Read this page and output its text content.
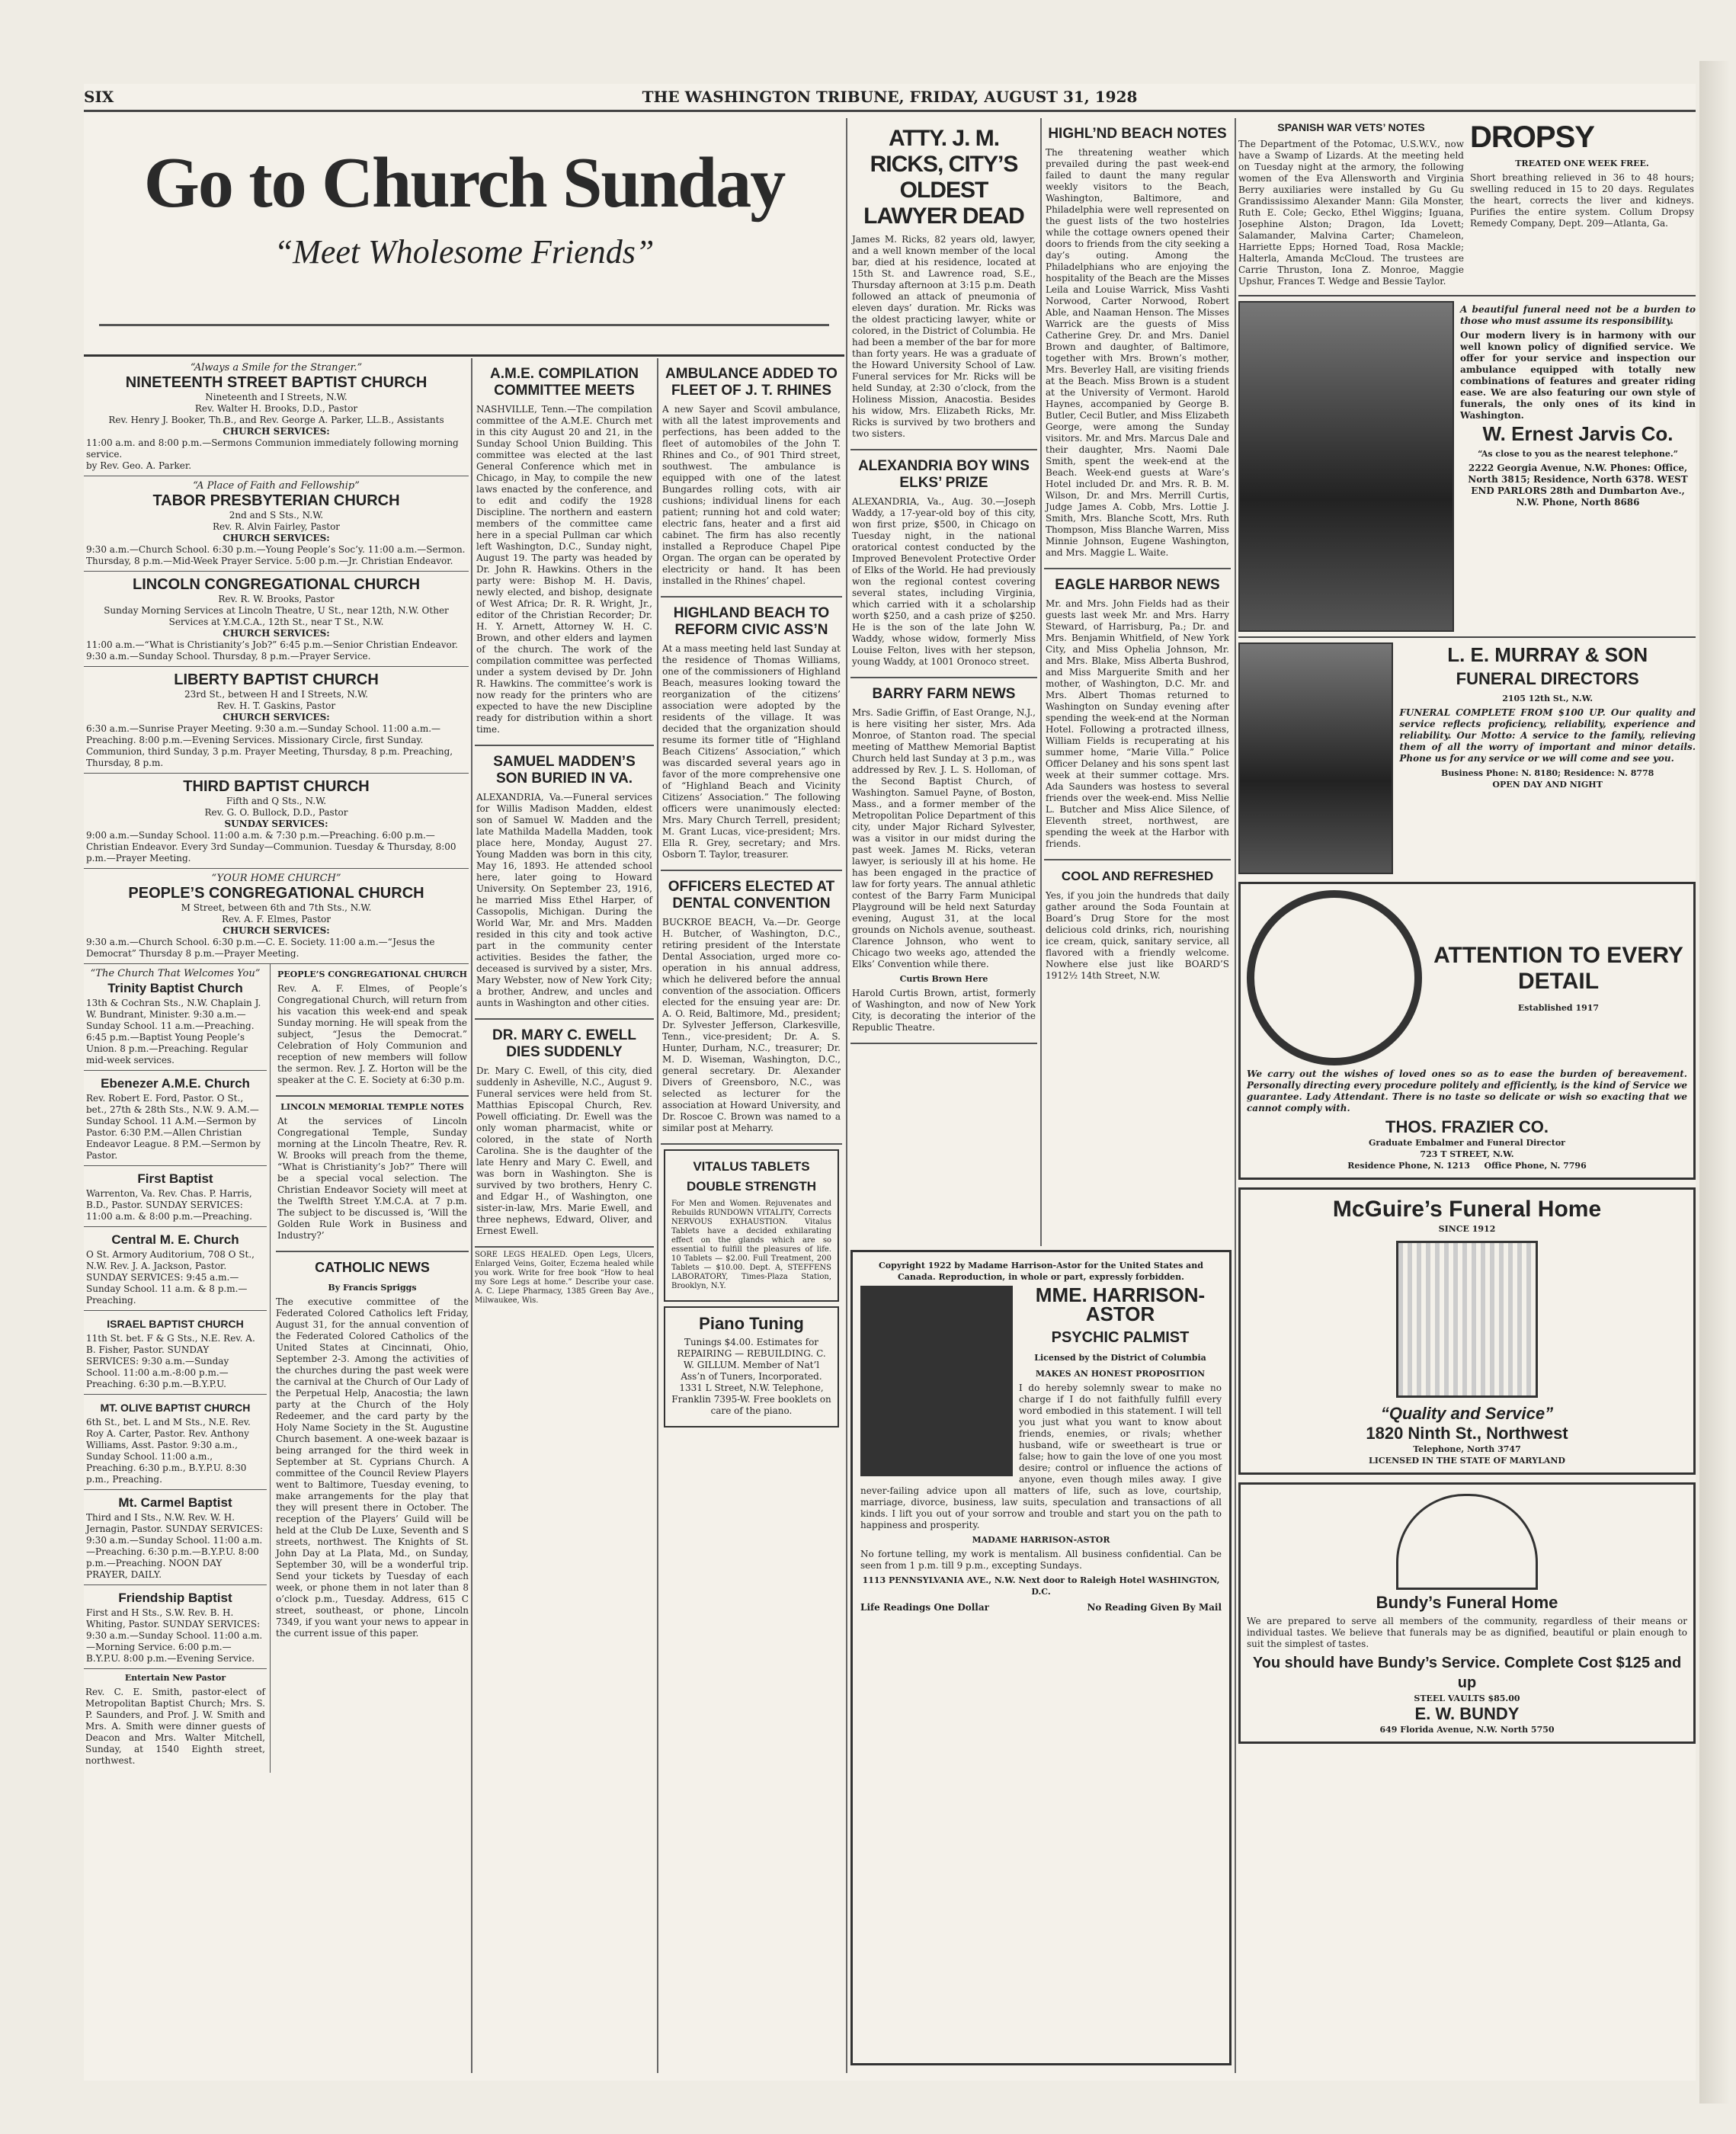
SIX	THE WASHINGTON TRIBUNE, FRIDAY, AUGUST 31, 1928
Go to Church Sunday
“Meet Wholesome Friends”
“Always a Smile for the Stranger.”
NINETEENTH STREET BAPTIST CHURCH
Nineteenth and I Streets, N.W.
Rev. Walter H. Brooks, D.D., Pastor
Rev. Henry J. Booker, Th.B., and Rev. George A. Parker, LL.B., Assistants
CHURCH SERVICES:
11:00 a.m. and 8:00 p.m.—Sermons Communion immediately following morning service.
by Rev. Geo. A. Parker.
“A Place of Faith and Fellowship”
TABOR PRESBYTERIAN CHURCH
2nd and S Sts., N.W.
Rev. R. Alvin Fairley, Pastor
CHURCH SERVICES:
9:30 a.m.—Church School. 6:30 p.m.—Young People’s Soc’y. 11:00 a.m.—Sermon. Thursday, 8 p.m.—Mid-Week Prayer Service. 5:00 p.m.—Jr. Christian Endeavor.
LINCOLN CONGREGATIONAL CHURCH
Rev. R. W. Brooks, Pastor
Sunday Morning Services at Lincoln Theatre, U St., near 12th, N.W. Other Services at Y.M.C.A., 12th St., near T St., N.W.
CHURCH SERVICES:
11:00 a.m.—“What is Christianity’s Job?” 6:45 p.m.—Senior Christian Endeavor. 9:30 a.m.—Sunday School. Thursday, 8 p.m.—Prayer Service.
LIBERTY BAPTIST CHURCH
23rd St., between H and I Streets, N.W.
Rev. H. T. Gaskins, Pastor
CHURCH SERVICES:
6:30 a.m.—Sunrise Prayer Meeting. 9:30 a.m.—Sunday School. 11:00 a.m.—Preaching. 8:00 p.m.—Evening Services. Missionary Circle, first Sunday. Communion, third Sunday, 3 p.m. Prayer Meeting, Thursday, 8 p.m. Preaching, Thursday, 8 p.m.
THIRD BAPTIST CHURCH
Fifth and Q Sts., N.W.
Rev. G. O. Bullock, D.D., Pastor
SUNDAY SERVICES:
9:00 a.m.—Sunday School. 11:00 a.m. & 7:30 p.m.—Preaching. 6:00 p.m.—Christian Endeavor. Every 3rd Sunday—Communion. Tuesday & Thursday, 8:00 p.m.—Prayer Meeting.
“YOUR HOME CHURCH”
PEOPLE’S CONGREGATIONAL CHURCH
M Street, between 6th and 7th Sts., N.W.
Rev. A. F. Elmes, Pastor
CHURCH SERVICES:
9:30 a.m.—Church School. 6:30 p.m.—C. E. Society. 11:00 a.m.—“Jesus the Democrat” Thursday 8 p.m.—Prayer Meeting.
“The Church That Welcomes You”
Trinity Baptist Church
13th & Cochran Sts., N.W. Chaplain J. W. Bundrant, Minister. 9:30 a.m.—Sunday School. 11 a.m.—Preaching. 6:45 p.m.—Baptist Young People’s Union. 8 p.m.—Preaching. Regular mid-week services.
Ebenezer A.M.E. Church
Rev. Robert E. Ford, Pastor. O St., bet., 27th & 28th Sts., N.W. 9. A.M.—Sunday School. 11 A.M.—Sermon by Pastor. 6:30 P.M.—Allen Christian Endeavor League. 8 P.M.—Sermon by Pastor.
First Baptist
Warrenton, Va. Rev. Chas. P. Harris, B.D., Pastor. SUNDAY SERVICES: 11:00 a.m. & 8:00 p.m.—Preaching.
Central M. E. Church
O St. Armory Auditorium, 708 O St., N.W. Rev. J. A. Jackson, Pastor. SUNDAY SERVICES: 9:45 a.m.—Sunday School. 11 a.m. & 8 p.m.—Preaching.
ISRAEL BAPTIST CHURCH
11th St. bet. F & G Sts., N.E. Rev. A. B. Fisher, Pastor. SUNDAY SERVICES: 9:30 a.m.—Sunday School. 11:00 a.m.-8:00 p.m.—Preaching. 6:30 p.m.—B.Y.P.U.
MT. OLIVE BAPTIST CHURCH
6th St., bet. L and M Sts., N.E. Rev. Roy A. Carter, Pastor. Rev. Anthony Williams, Asst. Pastor. 9:30 a.m., Sunday School. 11:00 a.m., Preaching. 6:30 p.m., B.Y.P.U. 8:30 p.m., Preaching.
Mt. Carmel Baptist
Third and I Sts., N.W. Rev. W. H. Jernagin, Pastor. SUNDAY SERVICES: 9:30 a.m.—Sunday School. 11:00 a.m.—Preaching. 6:30 p.m.—B.Y.P.U. 8:00 p.m.—Preaching. NOON DAY PRAYER, DAILY.
Friendship Baptist
First and H Sts., S.W. Rev. B. H. Whiting, Pastor. SUNDAY SERVICES: 9:30 a.m.—Sunday School. 11:00 a.m.—Morning Service. 6:00 p.m.—B.Y.P.U. 8:00 p.m.—Evening Service.
Entertain New Pastor
Rev. C. E. Smith, pastor-elect of Metropolitan Baptist Church; Mrs. S. P. Saunders, and Prof. J. W. Smith and Mrs. A. Smith were dinner guests of Deacon and Mrs. Walter Mitchell, Sunday, at 1540 Eighth street, northwest.
PEOPLE’S CONGREGATIONAL CHURCH
Rev. A. F. Elmes, of People’s Congregational Church, will return from his vacation this week-end and speak Sunday morning. He will speak from the subject, “Jesus the Democrat.” Celebration of Holy Communion and reception of new members will follow the sermon. Rev. J. Z. Horton will be the speaker at the C. E. Society at 6:30 p.m.
LINCOLN MEMORIAL TEMPLE NOTES
At the services of Lincoln Congregational Temple, Sunday morning at the Lincoln Theatre, Rev. R. W. Brooks will preach from the theme, “What is Christianity’s Job?” There will be a special vocal selection. The Christian Endeavor Society will meet at the Twelfth Street Y.M.C.A. at 7 p.m. The subject to be discussed is, ‘Will the Golden Rule Work in Business and Industry?’
CATHOLIC NEWS
By Francis Spriggs
The executive committee of the Federated Colored Catholics left Friday, August 31, for the annual convention of the Federated Colored Catholics of the United States at Cincinnati, Ohio, September 2-3. Among the activities of the churches during the past week were the carnival at the Church of Our Lady of the Perpetual Help, Anacostia; the lawn party at the Church of the Holy Redeemer, and the card party by the Holy Name Society in the St. Augustine Church basement. A one-week bazaar is being arranged for the third week in September at St. Cyprians Church. A committee of the Council Review Players went to Baltimore, Tuesday evening, to make arrangements for the play that they will present there in October. The reception of the Players’ Guild will be held at the Club De Luxe, Seventh and S streets, northwest. The Knights of St. John Day at La Plata, Md., on Sunday, September 30, will be a wonderful trip. Send your tickets by Tuesday of each week, or phone them in not later than 8 o’clock p.m., Tuesday. Address, 615 C street, southeast, or phone, Lincoln 7349, if you want your news to appear in the current issue of this paper.
A.M.E. COMPILATION COMMITTEE MEETS
NASHVILLE, Tenn.—The compilation committee of the A.M.E. Church met in this city August 20 and 21, in the Sunday School Union Building. This committee was elected at the last General Conference which met in Chicago, in May, to compile the new laws enacted by the conference, and to edit and codify the 1928 Discipline. The northern and eastern members of the committee came here in a special Pullman car which left Washington, D.C., Sunday night, August 19. The party was headed by Dr. John R. Hawkins. Others in the party were: Bishop M. H. Davis, newly elected, and bishop, designate of West Africa; Dr. R. R. Wright, Jr., editor of the Christian Recorder; Dr. H. Y. Arnett, Attorney W. H. C. Brown, and other elders and laymen of the church. The work of the compilation committee was perfected under a system devised by Dr. John R. Hawkins. The committee’s work is now ready for the printers who are expected to have the new Discipline ready for distribution within a short time.
SAMUEL MADDEN’S SON BURIED IN VA.
ALEXANDRIA, Va.—Funeral services for Willis Madison Madden, eldest son of Samuel W. Madden and the late Mathilda Madella Madden, took place here, Monday, August 27. Young Madden was born in this city, May 16, 1893. He attended school here, later going to Howard University. On September 23, 1916, he married Miss Ethel Harper, of Cassopolis, Michigan. During the World War, Mr. and Mrs. Madden resided in this city and took active part in the community center activities. Besides the father, the deceased is survived by a sister, Mrs. Mary Webster, now of New York City; a brother, Andrew, and uncles and aunts in Washington and other cities.
DR. MARY C. EWELL DIES SUDDENLY
Dr. Mary C. Ewell, of this city, died suddenly in Asheville, N.C., August 9. Funeral services were held from St. Matthias Episcopal Church, Rev. Powell officiating. Dr. Ewell was the only woman pharmacist, white or colored, in the state of North Carolina. She is the daughter of the late Henry and Mary C. Ewell, and was born in Washington. She is survived by two brothers, Henry C. and Edgar H., of Washington, one sister-in-law, Mrs. Marie Ewell, and three nephews, Edward, Oliver, and Ernest Ewell.
SORE LEGS HEALED. Open Legs, Ulcers, Enlarged Veins, Goiter, Eczema healed while you work. Write for free book “How to heal my Sore Legs at home.” Describe your case. A. C. Liepe Pharmacy, 1385 Green Bay Ave., Milwaukee, Wis.
AMBULANCE ADDED TO FLEET OF J. T. RHINES
A new Sayer and Scovil ambulance, with all the latest improvements and perfections, has been added to the fleet of automobiles of the John T. Rhines and Co., of 901 Third street, southwest. The ambulance is equipped with one of the latest Bungardes rolling cots, with air cushions; individual linens for each patient; running hot and cold water; electric fans, heater and a first aid cabinet. The firm has also recently installed a Reproduce Chapel Pipe Organ. The organ can be operated by electricity or hand. It has been installed in the Rhines’ chapel.
HIGHLAND BEACH TO REFORM CIVIC ASS’N
At a mass meeting held last Sunday at the residence of Thomas Williams, one of the commissioners of Highland Beach, measures looking toward the reorganization of the citizens’ association were adopted by the residents of the village. It was decided that the organization should resume its former title of “Highland Beach Citizens’ Association,” which was discarded several years ago in favor of the more comprehensive one of “Highland Beach and Vicinity Citizens’ Association.” The following officers were unanimously elected: Mrs. Mary Church Terrell, president; M. Grant Lucas, vice-president; Mrs. Ella R. Grey, secretary; and Mrs. Osborn T. Taylor, treasurer.
OFFICERS ELECTED AT DENTAL CONVENTION
BUCKROE BEACH, Va.—Dr. George H. Butcher, of Washington, D.C., retiring president of the Interstate Dental Association, urged more co-operation in his annual address, which he delivered before the annual convention of the association. Officers elected for the ensuing year are: Dr. A. O. Reid, Baltimore, Md., president; Dr. Sylvester Jefferson, Clarkesville, Tenn., vice-president; Dr. A. S. Hunter, Durham, N.C., treasurer; Dr. M. D. Wiseman, Washington, D.C., general secretary. Dr. Alexander Divers of Greensboro, N.C., was selected as lecturer for the association at Howard University, and Dr. Roscoe C. Brown was named to a similar post at Meharry.
VITALUS TABLETS DOUBLE STRENGTH
For Men and Women. Rejuvenates and Rebuilds RUNDOWN VITALITY, Corrects NERVOUS EXHAUSTION. Vitalus Tablets have a decided exhilarating effect on the glands which are so essential to fulfill the pleasures of life. 10 Tablets — $2.00. Full Treatment, 200 Tablets — $10.00. Dept. A, STEFFENS LABORATORY, Times-Plaza Station, Brooklyn, N.Y.
Piano Tuning
Tunings $4.00. Estimates for REPAIRING — REBUILDING. C. W. GILLUM. Member of Nat’l Ass’n of Tuners, Incorporated. 1331 L Street, N.W. Telephone, Franklin 7395-W. Free booklets on care of the piano.
ATTY. J. M. RICKS, CITY’S OLDEST LAWYER DEAD
James M. Ricks, 82 years old, lawyer, and a well known member of the local bar, died at his residence, located at 15th St. and Lawrence road, S.E., Thursday afternoon at 3:15 p.m. Death followed an attack of pneumonia of eleven days’ duration. Mr. Ricks was the oldest practicing lawyer, white or colored, in the District of Columbia. He had been a member of the bar for more than forty years. He was a graduate of the Howard University School of Law. Funeral services for Mr. Ricks will be held Sunday, at 2:30 o’clock, from the Holiness Mission, Anacostia. Besides his widow, Mrs. Elizabeth Ricks, Mr. Ricks is survived by two brothers and two sisters.
ALEXANDRIA BOY WINS ELKS’ PRIZE
ALEXANDRIA, Va., Aug. 30.—Joseph Waddy, a 17-year-old boy of this city, won first prize, $500, in Chicago on Tuesday night, in the national oratorical contest conducted by the Improved Benevolent Protective Order of Elks of the World. He had previously won the regional contest covering several states, including Virginia, which carried with it a scholarship worth $250, and a cash prize of $250. He is the son of the late John W. Waddy, whose widow, formerly Miss Louise Felton, lives with her stepson, young Waddy, at 1001 Oronoco street.
BARRY FARM NEWS
Mrs. Sadie Griffin, of East Orange, N.J., is here visiting her sister, Mrs. Ada Monroe, of Stanton road. The special meeting of Matthew Memorial Baptist Church held last Sunday at 3 p.m., was addressed by Rev. J. L. S. Holloman, of the Second Baptist Church, of Washington. Samuel Payne, of Boston, Mass., and a former member of the Metropolitan Police Department of this city, under Major Richard Sylvester, was a visitor in our midst during the past week. James M. Ricks, veteran lawyer, is seriously ill at his home. He has been engaged in the practice of law for forty years. The annual athletic contest of the Barry Farm Municipal Playground will be held next Saturday evening, August 31, at the local grounds on Nichols avenue, southeast. Clarence Johnson, who went to Chicago two weeks ago, attended the Elks’ Convention while there.
Curtis Brown Here
Harold Curtis Brown, artist, formerly of Washington, and now of New York City, is decorating the interior of the Republic Theatre.
HIGHL’ND BEACH NOTES
The threatening weather which prevailed during the past week-end failed to daunt the many regular weekly visitors to the Beach, Washington, Baltimore, and Philadelphia were well represented on the guest lists of the two hostelries while the cottage owners opened their doors to friends from the city seeking a day’s outing. Among the Philadelphians who are enjoying the hospitality of the Beach are the Misses Leila and Louise Warrick, Miss Vashti Norwood, Carter Norwood, Robert Able, and Naaman Henson. The Misses Warrick are the guests of Miss Catherine Grey. Dr. and Mrs. Daniel Brown and daughter, of Baltimore, together with Mrs. Brown’s mother, Mrs. Beverley Hall, are visiting friends at the Beach. Miss Brown is a student at the University of Vermont. Harold Haynes, accompanied by George B. Butler, Cecil Butler, and Miss Elizabeth George, were among the Sunday visitors. Mr. and Mrs. Marcus Dale and their daughter, Mrs. Naomi Dale Smith, spent the week-end at the Beach. Week-end guests at Ware’s Hotel included Dr. and Mrs. R. B. M. Wilson, Dr. and Mrs. Merrill Curtis, Judge James A. Cobb, Mrs. Lottie J. Smith, Mrs. Blanche Scott, Mrs. Ruth Thompson, Miss Blanche Warren, Miss Minnie Johnson, Eugene Washington, and Mrs. Maggie L. Waite.
EAGLE HARBOR NEWS
Mr. and Mrs. John Fields had as their guests last week Mr. and Mrs. Harry Steward, of Harrisburg, Pa.; Dr. and Mrs. Benjamin Whitfield, of New York City, and Miss Ophelia Johnson, Mr. and Mrs. Blake, Miss Alberta Bushrod, and Miss Marguerite Smith and her mother, of Washington, D.C. Mr. and Mrs. Albert Thomas returned to Washington on Sunday evening after spending the week-end at the Norman Hotel. Following a protracted illness, William Fields is recuperating at his summer home, “Marie Villa.” Police Officer Delaney and his sons spent last week at their summer cottage. Mrs. Ada Saunders was hostess to several friends over the week-end. Miss Nellie L. Butcher and Miss Alice Silence, of Eleventh street, northwest, are spending the week at the Harbor with friends.
COOL AND REFRESHED
Yes, if you join the hundreds that daily gather around the Soda Fountain at Board’s Drug Store for the most delicious cold drinks, rich, nourishing ice cream, quick, sanitary service, all flavored with a friendly welcome. Nowhere else just like BOARD’S 1912½ 14th Street, N.W.
Copyright 1922 by Madame Harrison-Astor for the United States and Canada. Reproduction, in whole or part, expressly forbidden.
MME. HARRISON-ASTOR
PSYCHIC PALMIST
Licensed by the District of Columbia
MAKES AN HONEST PROPOSITION
I do hereby solemnly swear to make no charge if I do not faithfully fulfill every word embodied in this statement. I will tell you just what you want to know about friends, enemies, or rivals; whether husband, wife or sweetheart is true or false; how to gain the love of one you most desire; control or influence the actions of anyone, even though miles away. I give never-failing advice upon all matters of life, such as love, courtship, marriage, divorce, business, law suits, speculation and transactions of all kinds. I lift you out of your sorrow and trouble and start you on the path to happiness and prosperity.
MADAME HARRISON-ASTOR
No fortune telling, my work is mentalism. All business confidential. Can be seen from 1 p.m. till 9 p.m., excepting Sundays.
1113 PENNSYLVANIA AVE., N.W. Next door to Raleigh Hotel WASHINGTON, D.C.
Life Readings One Dollar	No Reading Given By Mail
SPANISH WAR VETS’ NOTES
The Department of the Potomac, U.S.W.V., now have a Swamp of Lizards. At the meeting held on Tuesday night at the armory, the following women of the Eva Allensworth and Virginia Berry auxiliaries were installed by Gu Gu Grandississimo Alexander Mann: Gila Monster, Ruth E. Cole; Gecko, Ethel Wiggins; Iguana, Josephine Alston; Dragon, Ida Lovett; Salamander, Malvina Carter; Chameleon, Harriette Epps; Horned Toad, Rosa Mackle; Halterla, Amanda McCloud. The trustees are Carrie Thruston, Iona Z. Monroe, Maggie Upshur, Frances T. Wedge and Bessie Taylor.
DROPSY
TREATED ONE WEEK FREE.
Short breathing relieved in 36 to 48 hours; swelling reduced in 15 to 20 days. Regulates the heart, corrects the liver and kidneys. Purifies the entire system. Collum Dropsy Remedy Company, Dept. 209—Atlanta, Ga.
A beautiful funeral need not be a burden to those who must assume its responsibility.
Our modern livery is in harmony with our well known policy of dignified service. We offer for your service and inspection our ambulance equipped with totally new combinations of features and greater riding ease. We are also featuring our own style of funerals, the only ones of its kind in Washington.
W. Ernest Jarvis Co.
“As close to you as the nearest telephone.”
2222 Georgia Avenue, N.W. Phones: Office, North 3815; Residence, North 6378. WEST END PARLORS 28th and Dumbarton Ave., N.W. Phone, North 8686
L. E. MURRAY & SON
FUNERAL DIRECTORS
2105 12th St., N.W.
FUNERAL COMPLETE FROM $100 UP. Our quality and service reflects proficiency, reliability, experience and reliability. Our Motto: A service to the family, relieving them of all the worry of important and minor details. Phone us for any service or we will come and see you.
Business Phone: N. 8180; Residence: N. 8778
OPEN DAY AND NIGHT
ATTENTION TO EVERY DETAIL
Established 1917
We carry out the wishes of loved ones so as to ease the burden of bereavement. Personally directing every procedure politely and efficiently, is the kind of Service we guarantee. Lady Attendant. There is no taste so delicate or wish so exacting that we cannot comply with.
THOS. FRAZIER CO.
Graduate Embalmer and Funeral Director
723 T STREET, N.W.
Residence Phone, N. 1213   Office Phone, N. 7796
McGuire’s Funeral Home
SINCE 1912
“Quality and Service”
1820 Ninth St., Northwest
Telephone, North 3747
LICENSED IN THE STATE OF MARYLAND
Bundy’s Funeral Home
We are prepared to serve all members of the community, regardless of their means or individual tastes. We believe that funerals may be as dignified, beautiful or plain enough to suit the simplest of tastes.
You should have Bundy’s Service. Complete Cost $125 and up
STEEL VAULTS $85.00
E. W. BUNDY
649 Florida Avenue, N.W. North 5750
